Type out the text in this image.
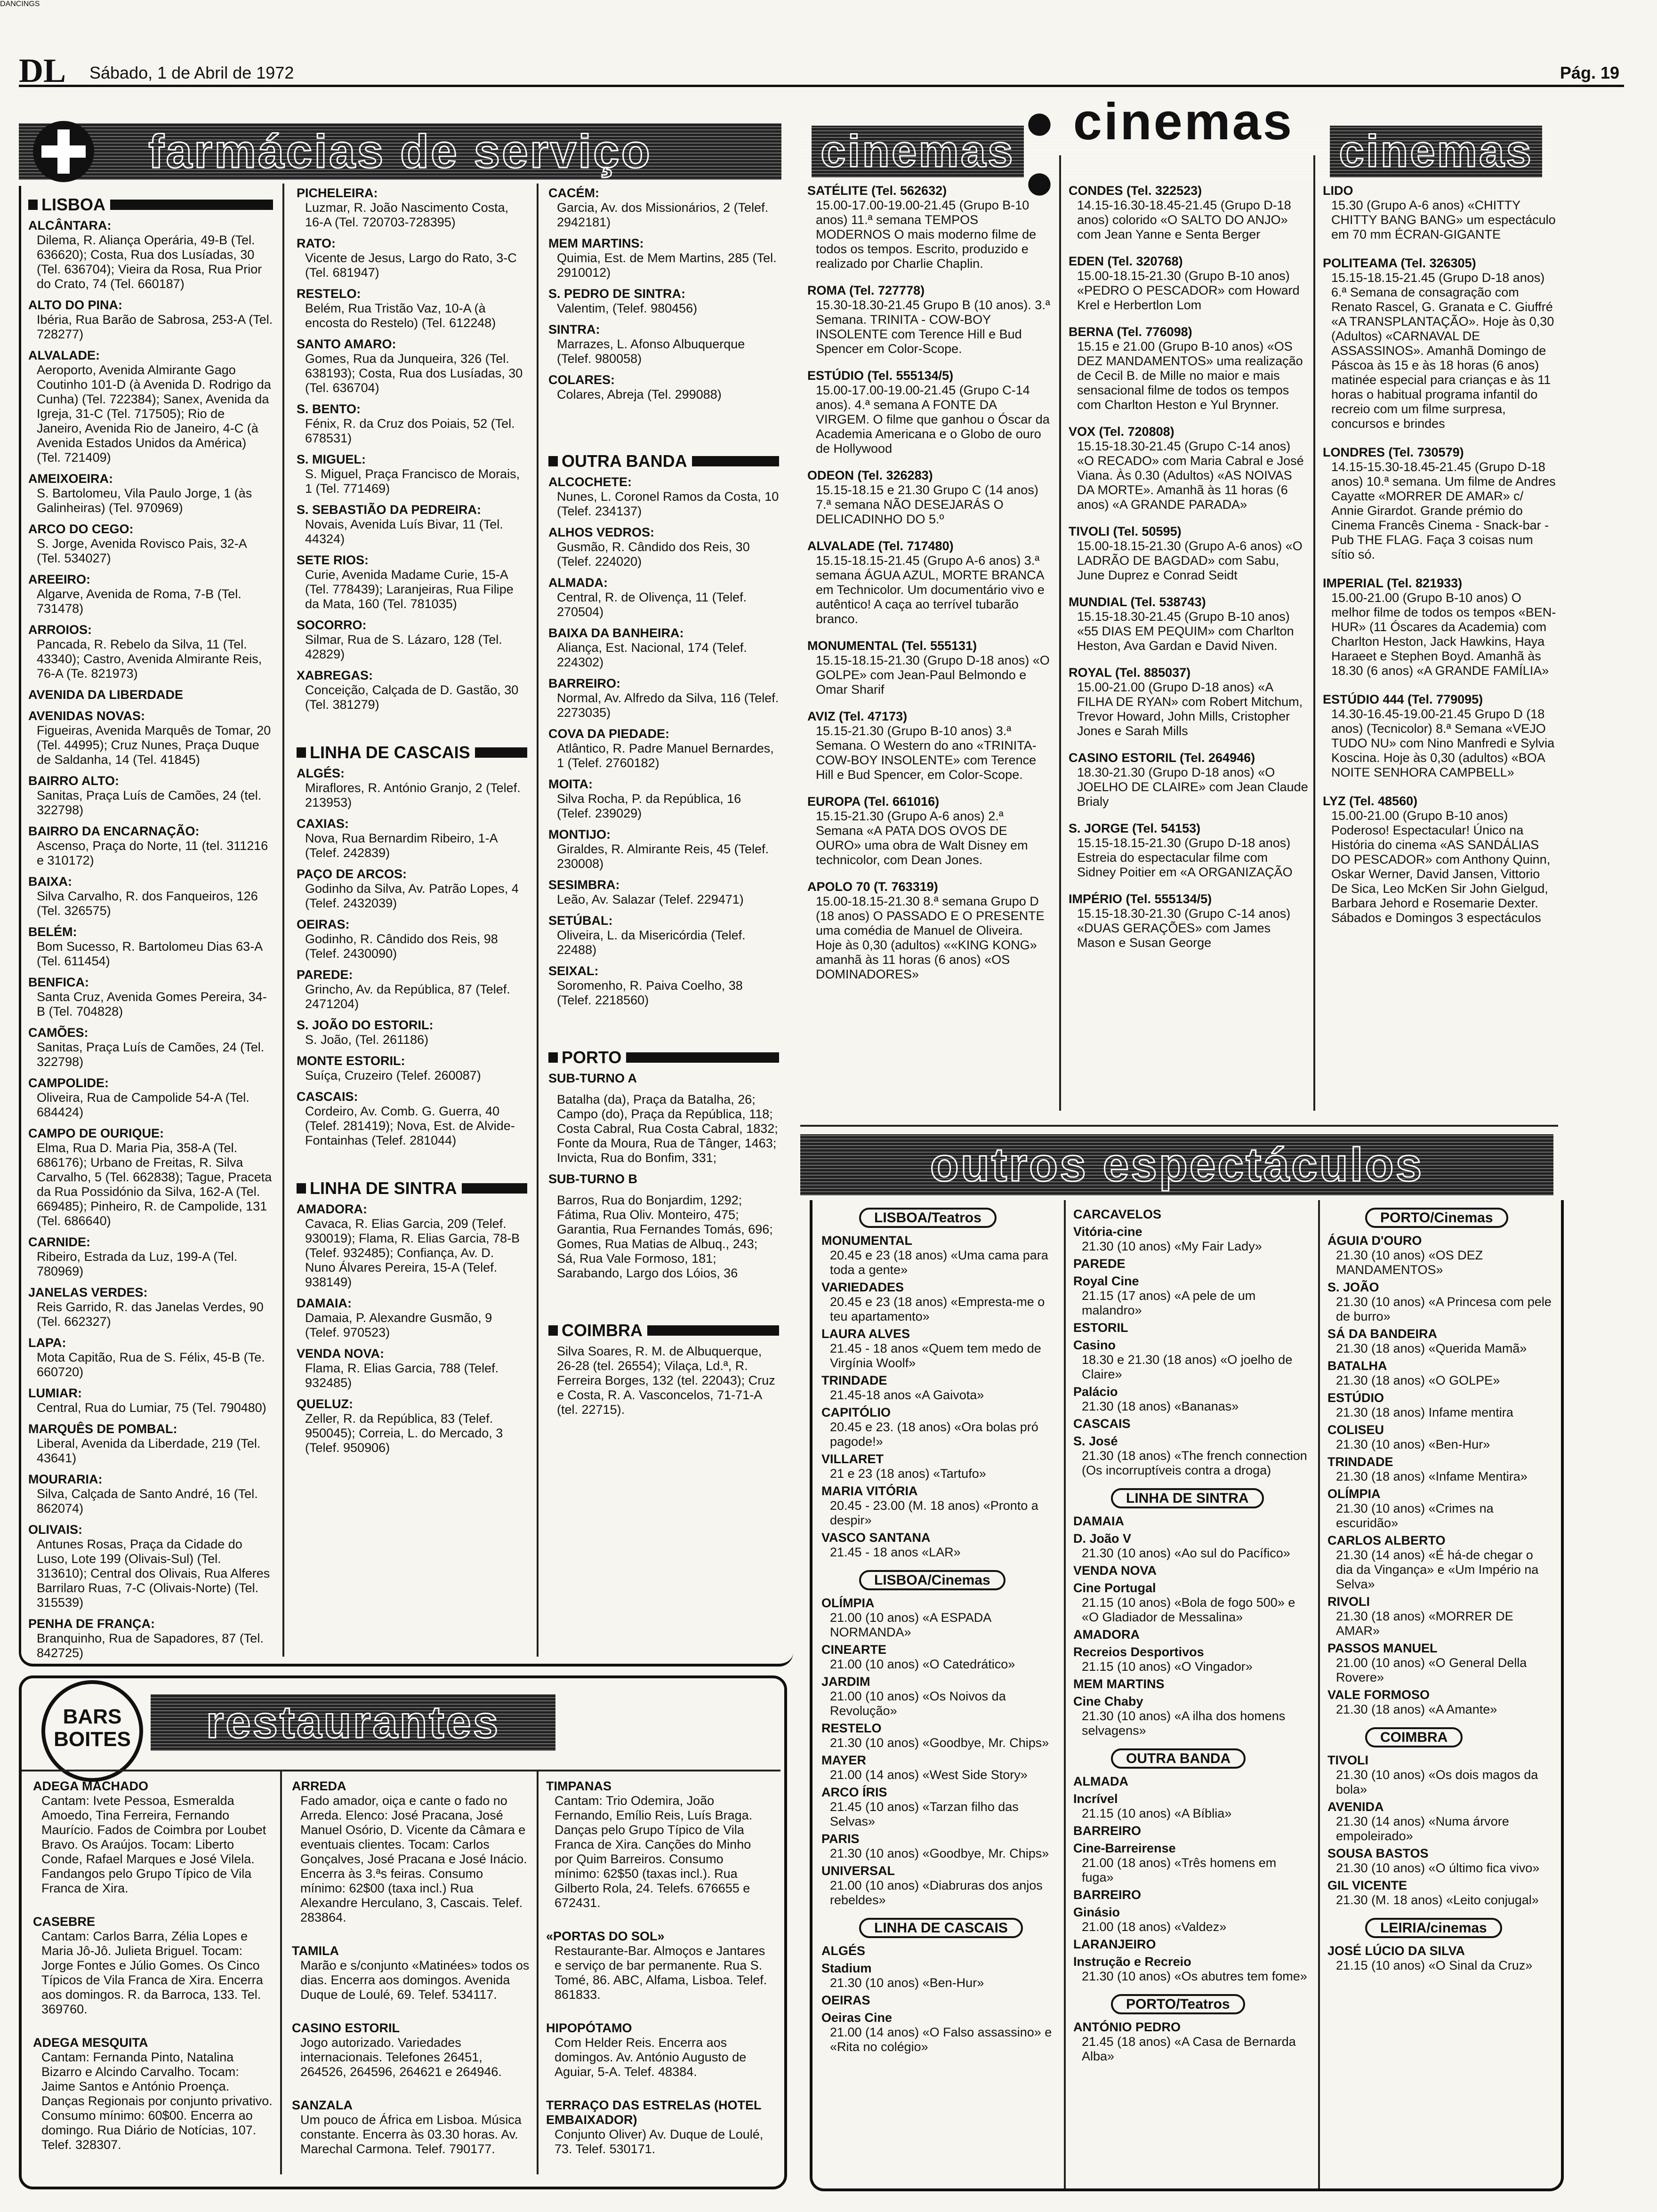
DL Sábado, 1 de Abril de 1972	Pág. 19
farmácias de serviço	cinemas
● cinemas ●
cinemas
LISBOA
ALCÂNTARA:
Dilema, R. Aliança Operária, 49-B (Tel. 636620); Costa, Rua dos Lusíadas, 30 (Tel. 636704); Vieira da Rosa, Rua Prior do Crato, 74 (Tel. 660187)
ALTO DO PINA:
Ibéria, Rua Barão de Sabrosa, 253-A (Tel. 728277)
ALVALADE:
Aeroporto, Avenida Almirante Gago Coutinho 101-D (à Avenida D. Rodrigo da Cunha) (Tel. 722384); Sanex, Avenida da Igreja, 31-C (Tel. 717505); Rio de Janeiro, Avenida Rio de Janeiro, 4-C (à Avenida Estados Unidos da América) (Tel. 721409)
AMEIXOEIRA:
S. Bartolomeu, Vila Paulo Jorge, 1 (às Galinheiras) (Tel. 970969)
ARCO DO CEGO:
S. Jorge, Avenida Rovisco Pais, 32-A (Tel. 534027)
AREEIRO:
Algarve, Avenida de Roma, 7-B (Tel. 731478)
ARROIOS:
Pancada, R. Rebelo da Silva, 11 (Tel. 43340); Castro, Avenida Almirante Reis, 76-A (Te. 821973)
AVENIDA DA LIBERDADE
AVENIDAS NOVAS:
Figueiras, Avenida Marquês de Tomar, 20 (Tel. 44995); Cruz Nunes, Praça Duque de Saldanha, 14 (Tel. 41845)
BAIRRO ALTO:
Sanitas, Praça Luís de Camões, 24 (tel. 322798)
BAIRRO DA ENCARNAÇÃO:
Ascenso, Praça do Norte, 11 (tel. 311216 e 310172)
BAIXA:
Silva Carvalho, R. dos Fanqueiros, 126 (Tel. 326575)
BELÉM:
Bom Sucesso, R. Bartolomeu Dias 63-A (Tel. 611454)
BENFICA:
Santa Cruz, Avenida Gomes Pereira, 34-B (Tel. 704828)
CAMÕES:
Sanitas, Praça Luís de Camões, 24 (Tel. 322798)
CAMPOLIDE:
Oliveira, Rua de Campolide 54-A (Tel. 684424)
CAMPO DE OURIQUE:
Elma, Rua D. Maria Pia, 358-A (Tel. 686176); Urbano de Freitas, R. Silva Carvalho, 5 (Tel. 662838); Tague, Praceta da Rua Possidónio da Silva, 162-A (Tel. 669485); Pinheiro, R. de Campolide, 131 (Tel. 686640)
CARNIDE:
Ribeiro, Estrada da Luz, 199-A (Tel. 780969)
JANELAS VERDES:
Reis Garrido, R. das Janelas Verdes, 90 (Tel. 662327)
LAPA:
Mota Capitão, Rua de S. Félix, 45-B (Te. 660720)
LUMIAR:
Central, Rua do Lumiar, 75 (Tel. 790480)
MARQUÊS DE POMBAL:
Liberal, Avenida da Liberdade, 219 (Tel. 43641)
MOURARIA:
Silva, Calçada de Santo André, 16 (Tel. 862074)
OLIVAIS:
Antunes Rosas, Praça da Cidade do Luso, Lote 199 (Olivais-Sul) (Tel. 313610); Central dos Olivais, Rua Alferes Barrilaro Ruas, 7-C (Olivais-Norte) (Tel. 315539)
PENHA DE FRANÇA:
Branquinho, Rua de Sapadores, 87 (Tel. 842725)
PICHELEIRA:
Luzmar, R. João Nascimento Costa, 16-A (Tel. 720703-728395)
RATO:
Vicente de Jesus, Largo do Rato, 3-C (Tel. 681947)
RESTELO:
Belém, Rua Tristão Vaz, 10-A (à encosta do Restelo) (Tel. 612248)
SANTO AMARO:
Gomes, Rua da Junqueira, 326 (Tel. 638193); Costa, Rua dos Lusíadas, 30 (Tel. 636704)
S. BENTO:
Fénix, R. da Cruz dos Poiais, 52 (Tel. 678531)
S. MIGUEL:
S. Miguel, Praça Francisco de Morais, 1 (Tel. 771469)
S. SEBASTIÃO DA PEDREIRA:
Novais, Avenida Luís Bivar, 11 (Tel. 44324)
SETE RIOS:
Curie, Avenida Madame Curie, 15-A (Tel. 778439); Laranjeiras, Rua Filipe da Mata, 160 (Tel. 781035)
SOCORRO:
Silmar, Rua de S. Lázaro, 128 (Tel. 42829)
XABREGAS:
Conceição, Calçada de D. Gastão, 30 (Tel. 381279)
LINHA DE CASCAIS
ALGÉS:
Miraflores, R. António Granjo, 2 (Telef. 213953)
CAXIAS:
Nova, Rua Bernardim Ribeiro, 1-A (Telef. 242839)
PAÇO DE ARCOS:
Godinho da Silva, Av. Patrão Lopes, 4 (Telef. 2432039)
OEIRAS:
Godinho, R. Cândido dos Reis, 98 (Telef. 2430090)
PAREDE:
Grincho, Av. da República, 87 (Telef. 2471204)
S. JOÃO DO ESTORIL:
S. João, (Tel. 261186)
MONTE ESTORIL:
Suíça, Cruzeiro (Telef. 260087)
CASCAIS:
Cordeiro, Av. Comb. G. Guerra, 40 (Telef. 281419); Nova, Est. de Alvide-Fontainhas (Telef. 281044)
LINHA DE SINTRA
AMADORA:
Cavaca, R. Elias Garcia, 209 (Telef. 930019); Flama, R. Elias Garcia, 78-B (Telef. 932485); Confiança, Av. D. Nuno Álvares Pereira, 15-A (Telef. 938149)
DAMAIA:
Damaia, P. Alexandre Gusmão, 9 (Telef. 970523)
VENDA NOVA:
Flama, R. Elias Garcia, 788 (Telef. 932485)
QUELUZ:
Zeller, R. da República, 83 (Telef. 950045); Correia, L. do Mercado, 3 (Telef. 950906)
CACÉM:
Garcia, Av. dos Missionários, 2 (Telef. 2942181)
MEM MARTINS:
Quimia, Est. de Mem Martins, 285 (Tel. 2910012)
S. PEDRO DE SINTRA:
Valentim, (Telef. 980456)
SINTRA:
Marrazes, L. Afonso Albuquerque (Telef. 980058)
COLARES:
Colares, Abreja (Tel. 299088)
OUTRA BANDA
ALCOCHETE:
Nunes, L. Coronel Ramos da Costa, 10 (Telef. 234137)
ALHOS VEDROS:
Gusmão, R. Cândido dos Reis, 30 (Telef. 224020)
ALMADA:
Central, R. de Olivença, 11 (Telef. 270504)
BAIXA DA BANHEIRA:
Aliança, Est. Nacional, 174 (Telef. 224302)
BARREIRO:
Normal, Av. Alfredo da Silva, 116 (Telef. 2273035)
COVA DA PIEDADE:
Atlântico, R. Padre Manuel Bernardes, 1 (Telef. 2760182)
MOITA:
Silva Rocha, P. da República, 16 (Telef. 239029)
MONTIJO:
Giraldes, R. Almirante Reis, 45 (Telef. 230008)
SESIMBRA:
Leão, Av. Salazar (Telef. 229471)
SETÚBAL:
Oliveira, L. da Misericórdia (Telef. 22488)
SEIXAL:
Soromenho, R. Paiva Coelho, 38 (Telef. 2218560)
PORTO
SUB-TURNO A
Batalha (da), Praça da Batalha, 26; Campo (do), Praça da República, 118; Costa Cabral, Rua Costa Cabral, 1832; Fonte da Moura, Rua de Tânger, 1463; Invicta, Rua do Bonfim, 331;
SUB-TURNO B
Barros, Rua do Bonjardim, 1292; Fátima, Rua Oliv. Monteiro, 475; Garantia, Rua Fernandes Tomás, 696; Gomes, Rua Matias de Albuq., 243; Sá, Rua Vale Formoso, 181; Sarabando, Largo dos Lóios, 36
COIMBRA
Silva Soares, R. M. de Albuquerque, 26-28 (tel. 26554); Vilaça, Ld.ª, R. Ferreira Borges, 132 (tel. 22043); Cruz e Costa, R. A. Vasconcelos, 71-71-A (tel. 22715).
SATÉLITE (Tel. 562632)
15.00-17.00-19.00-21.45 (Grupo B-10 anos) 11.ª semana TEMPOS MODERNOS O mais moderno filme de todos os tempos. Escrito, produzido e realizado por Charlie Chaplin.
ROMA (Tel. 727778)
15.30-18.30-21.45 Grupo B (10 anos). 3.ª Semana. TRINITA - COW-BOY INSOLENTE com Terence Hill e Bud Spencer em Color-Scope.
ESTÚDIO (Tel. 555134/5)
15.00-17.00-19.00-21.45 (Grupo C-14 anos). 4.ª semana A FONTE DA VIRGEM. O filme que ganhou o Óscar da Academia Americana e o Globo de ouro de Hollywood
ODEON (Tel. 326283)
15.15-18.15 e 21.30 Grupo C (14 anos) 7.ª semana NÃO DESEJARÁS O DELICADINHO DO 5.º
ALVALADE (Tel. 717480)
15.15-18.15-21.45 (Grupo A-6 anos) 3.ª semana ÁGUA AZUL, MORTE BRANCA em Technicolor. Um documentário vivo e autêntico! A caça ao terrível tubarão branco.
MONUMENTAL (Tel. 555131)
15.15-18.15-21.30 (Grupo D-18 anos) «O GOLPE» com Jean-Paul Belmondo e Omar Sharif
AVIZ (Tel. 47173)
15.15-21.30 (Grupo B-10 anos) 3.ª Semana. O Western do ano «TRINITA-COW-BOY INSOLENTE» com Terence Hill e Bud Spencer, em Color-Scope.
EUROPA (Tel. 661016)
15.15-21.30 (Grupo A-6 anos) 2.ª Semana «A PATA DOS OVOS DE OURO» uma obra de Walt Disney em technicolor, com Dean Jones.
APOLO 70 (T. 763319)
15.00-18.15-21.30 8.ª semana Grupo D (18 anos) O PASSADO E O PRESENTE uma comédia de Manuel de Oliveira. Hoje às 0,30 (adultos) ««KING KONG» amanhã às 11 horas (6 anos) «OS DOMINADORES»
CONDES (Tel. 322523)
14.15-16.30-18.45-21.45 (Grupo D-18 anos) colorido «O SALTO DO ANJO» com Jean Yanne e Senta Berger
EDEN (Tel. 320768)
15.00-18.15-21.30 (Grupo B-10 anos) «PEDRO O PESCADOR» com Howard Krel e Herbertlon Lom
BERNA (Tel. 776098)
15.15 e 21.00 (Grupo B-10 anos) «OS DEZ MANDAMENTOS» uma realização de Cecil B. de Mille no maior e mais sensacional filme de todos os tempos com Charlton Heston e Yul Brynner.
VOX (Tel. 720808)
15.15-18.30-21.45 (Grupo C-14 anos) «O RECADO» com Maria Cabral e José Viana. Às 0.30 (Adultos) «AS NOIVAS DA MORTE». Amanhã às 11 horas (6 anos) «A GRANDE PARADA»
TIVOLI (Tel. 50595)
15.00-18.15-21.30 (Grupo A-6 anos) «O LADRÃO DE BAGDAD» com Sabu, June Duprez e Conrad Seidt
MUNDIAL (Tel. 538743)
15.15-18.30-21.45 (Grupo B-10 anos) «55 DIAS EM PEQUIM» com Charlton Heston, Ava Gardan e David Niven.
ROYAL (Tel. 885037)
15.00-21.00 (Grupo D-18 anos) «A FILHA DE RYAN» com Robert Mitchum, Trevor Howard, John Mills, Cristopher Jones e Sarah Mills
CASINO ESTORIL (Tel. 264946)
18.30-21.30 (Grupo D-18 anos) «O JOELHO DE CLAIRE» com Jean Claude Brialy
S. JORGE (Tel. 54153)
15.15-18.15-21.30 (Grupo D-18 anos) Estreia do espectacular filme com Sidney Poitier em «A ORGANIZAÇÃO
IMPÉRIO (Tel. 555134/5)
15.15-18.30-21.30 (Grupo C-14 anos) «DUAS GERAÇÕES» com James Mason e Susan George
LIDO
15.30 (Grupo A-6 anos) «CHITTY CHITTY BANG BANG» um espectáculo em 70 mm ÉCRAN-GIGANTE
POLITEAMA (Tel. 326305)
15.15-18.15-21.45 (Grupo D-18 anos) 6.ª Semana de consagração com Renato Rascel, G. Granata e C. Giuffré «A TRANSPLANTAÇÃO». Hoje às 0,30 (Adultos) «CARNAVAL DE ASSASSINOS». Amanhã Domingo de Páscoa às 15 e às 18 horas (6 anos) matinée especial para crianças e às 11 horas o habitual programa infantil do recreio com um filme surpresa, concursos e brindes
LONDRES (Tel. 730579)
14.15-15.30-18.45-21.45 (Grupo D-18 anos) 10.ª semana. Um filme de Andres Cayatte «MORRER DE AMAR» c/ Annie Girardot. Grande prémio do Cinema Francês Cinema - Snack-bar - Pub THE FLAG. Faça 3 coisas num sítio só.
IMPERIAL (Tel. 821933)
15.00-21.00 (Grupo B-10 anos) O melhor filme de todos os tempos «BEN-HUR» (11 Óscares da Academia) com Charlton Heston, Jack Hawkins, Haya Haraeet e Stephen Boyd. Amanhã às 18.30 (6 anos) «A GRANDE FAMÍLIA»
ESTÚDIO 444 (Tel. 779095)
14.30-16.45-19.00-21.45 Grupo D (18 anos) (Tecnicolor) 8.ª Semana «VEJO TUDO NU» com Nino Manfredi e Sylvia Koscina. Hoje às 0,30 (adultos) «BOA NOITE SENHORA CAMPBELL»
LYZ (Tel. 48560)
15.00-21.00 (Grupo B-10 anos) Poderoso! Espectacular! Único na História do cinema «AS SANDÁLIAS DO PESCADOR» com Anthony Quinn, Oskar Werner, David Jansen, Vittorio De Sica, Leo McKen Sir John Gielgud, Barbara Jehord e Rosemarie Dexter. Sábados e Domingos 3 espectáculos
outros espectáculos
LISBOA/Teatros
MONUMENTAL
20.45 e 23 (18 anos) «Uma cama para toda a gente»
VARIEDADES
20.45 e 23 (18 anos) «Empresta-me o teu apartamento»
LAURA ALVES
21.45 - 18 anos «Quem tem medo de Virgínia Woolf»
TRINDADE
21.45-18 anos «A Gaivota»
CAPITÓLIO
20.45 e 23. (18 anos) «Ora bolas pró pagode!»
VILLARET
21 e 23 (18 anos) «Tartufo»
MARIA VITÓRIA
20.45 - 23.00 (M. 18 anos) «Pronto a despir»
VASCO SANTANA
21.45 - 18 anos «LAR»
LISBOA/Cinemas
OLÍMPIA
21.00 (10 anos) «A ESPADA NORMANDA»
CINEARTE
21.00 (10 anos) «O Catedrático»
JARDIM
21.00 (10 anos) «Os Noivos da Revolução»
RESTELO
21.30 (10 anos) «Goodbye, Mr. Chips»
MAYER
21.00 (14 anos) «West Side Story»
ARCO ÍRIS
21.45 (10 anos) «Tarzan filho das Selvas»
PARIS
21.30 (10 anos) «Goodbye, Mr. Chips»
UNIVERSAL
21.00 (10 anos) «Diabruras dos anjos rebeldes»
LINHA DE CASCAIS
ALGÉS
Stadium
21.30 (10 anos) «Ben-Hur»
OEIRAS
Oeiras Cine
21.00 (14 anos) «O Falso assassino» e «Rita no colégio»
CARCAVELOS
Vitória-cine
21.30 (10 anos) «My Fair Lady»
PAREDE
Royal Cine
21.15 (17 anos) «A pele de um malandro»
ESTORIL
Casino
18.30 e 21.30 (18 anos) «O joelho de Claire»
Palácio
21.30 (18 anos) «Bananas»
CASCAIS
S. José
21.30 (18 anos) «The french connection (Os incorruptíveis contra a droga)
LINHA DE SINTRA
DAMAIA
D. João V
21.30 (10 anos) «Ao sul do Pacífico»
VENDA NOVA
Cine Portugal
21.15 (10 anos) «Bola de fogo 500» e «O Gladiador de Messalina»
AMADORA
Recreios Desportivos
21.15 (10 anos) «O Vingador»
MEM MARTINS
Cine Chaby
21.30 (10 anos) «A ilha dos homens selvagens»
OUTRA BANDA
ALMADA
Incrível
21.15 (10 anos) «A Bíblia»
BARREIRO
Cine-Barreirense
21.00 (18 anos) «Três homens em fuga»
BARREIRO
Ginásio
21.00 (18 anos) «Valdez»
LARANJEIRO
Instrução e Recreio
21.30 (10 anos) «Os abutres tem fome»
PORTO/Teatros
ANTÓNIO PEDRO
21.45 (18 anos) «A Casa de Bernarda Alba»
PORTO/Cinemas
ÁGUIA D'OURO
21.30 (10 anos) «OS DEZ MANDAMENTOS»
S. JOÃO
21.30 (10 anos) «A Princesa com pele de burro»
SÁ DA BANDEIRA
21.30 (18 anos) «Querida Mamã»
BATALHA
21.30 (18 anos) «O GOLPE»
ESTÚDIO
21.30 (18 anos) Infame mentira
COLISEU
21.30 (10 anos) «Ben-Hur»
TRINDADE
21.30 (18 anos) «Infame Mentira»
OLÍMPIA
21.30 (10 anos) «Crimes na escuridão»
CARLOS ALBERTO
21.30 (14 anos) «É há-de chegar o dia da Vingança» e «Um Império na Selva»
RIVOLI
21.30 (18 anos) «MORRER DE AMAR»
PASSOS MANUEL
21.00 (10 anos) «O General Della Rovere»
VALE FORMOSO
21.30 (18 anos) «A Amante»
COIMBRA
TIVOLI
21.30 (10 anos) «Os dois magos da bola»
AVENIDA
21.30 (14 anos) «Numa árvore empoleirado»
SOUSA BASTOS
21.30 (10 anos) «O último fica vivo»
GIL VICENTE
21.30 (M. 18 anos) «Leito conjugal»
LEIRIA/cinemas
JOSÉ LÚCIO DA SILVA
21.15 (10 anos) «O Sinal da Cruz»
BARS
BOITES restaurantes
DANCINGS
ADEGA MACHADO
Cantam: Ivete Pessoa, Esmeralda Amoedo, Tina Ferreira, Fernando Maurício. Fados de Coimbra por Loubet Bravo. Os Araújos. Tocam: Liberto Conde, Rafael Marques e José Vilela. Fandangos pelo Grupo Típico de Vila Franca de Xira.
CASEBRE
Cantam: Carlos Barra, Zélia Lopes e Maria Jô-Jô. Julieta Briguel. Tocam: Jorge Fontes e Júlio Gomes. Os Cinco Típicos de Vila Franca de Xira. Encerra aos domingos. R. da Barroca, 133. Tel. 369760.
ADEGA MESQUITA
Cantam: Fernanda Pinto, Natalina Bizarro e Alcindo Carvalho. Tocam: Jaime Santos e António Proença. Danças Regionais por conjunto privativo. Consumo mínimo: 60$00. Encerra ao domingo. Rua Diário de Notícias, 107. Telef. 328307.
ARREDA
Fado amador, oiça e cante o fado no Arreda. Elenco: José Pracana, José Manuel Osório, D. Vicente da Câmara e eventuais clientes. Tocam: Carlos Gonçalves, José Pracana e José Inácio. Encerra às 3.ªs feiras. Consumo mínimo: 62$00 (taxa incl.) Rua Alexandre Herculano, 3, Cascais. Telef. 283864.
TAMILA
Marão e s/conjunto «Matinées» todos os dias. Encerra aos domingos. Avenida Duque de Loulé, 69. Telef. 534117.
CASINO ESTORIL
Jogo autorizado. Variedades internacionais. Telefones 26451, 264526, 264596, 264621 e 264946.
SANZALA
Um pouco de África em Lisboa. Música constante. Encerra às 03.30 horas. Av. Marechal Carmona. Telef. 790177.
TIMPANAS
Cantam: Trio Odemira, João Fernando, Emílio Reis, Luís Braga. Danças pelo Grupo Típico de Vila Franca de Xira. Canções do Minho por Quim Barreiros. Consumo mínimo: 62$50 (taxas incl.). Rua Gilberto Rola, 24. Telefs. 676655 e 672431.
«PORTAS DO SOL»
Restaurante-Bar. Almoços e Jantares e serviço de bar permanente. Rua S. Tomé, 86. ABC, Alfama, Lisboa. Telef. 861833.
HIPOPÓTAMO
Com Helder Reis. Encerra aos domingos. Av. António Augusto de Aguiar, 5-A. Telef. 48384.
TERRAÇO DAS ESTRELAS (HOTEL EMBAIXADOR)
Conjunto Oliver) Av. Duque de Loulé, 73. Telef. 530171.
